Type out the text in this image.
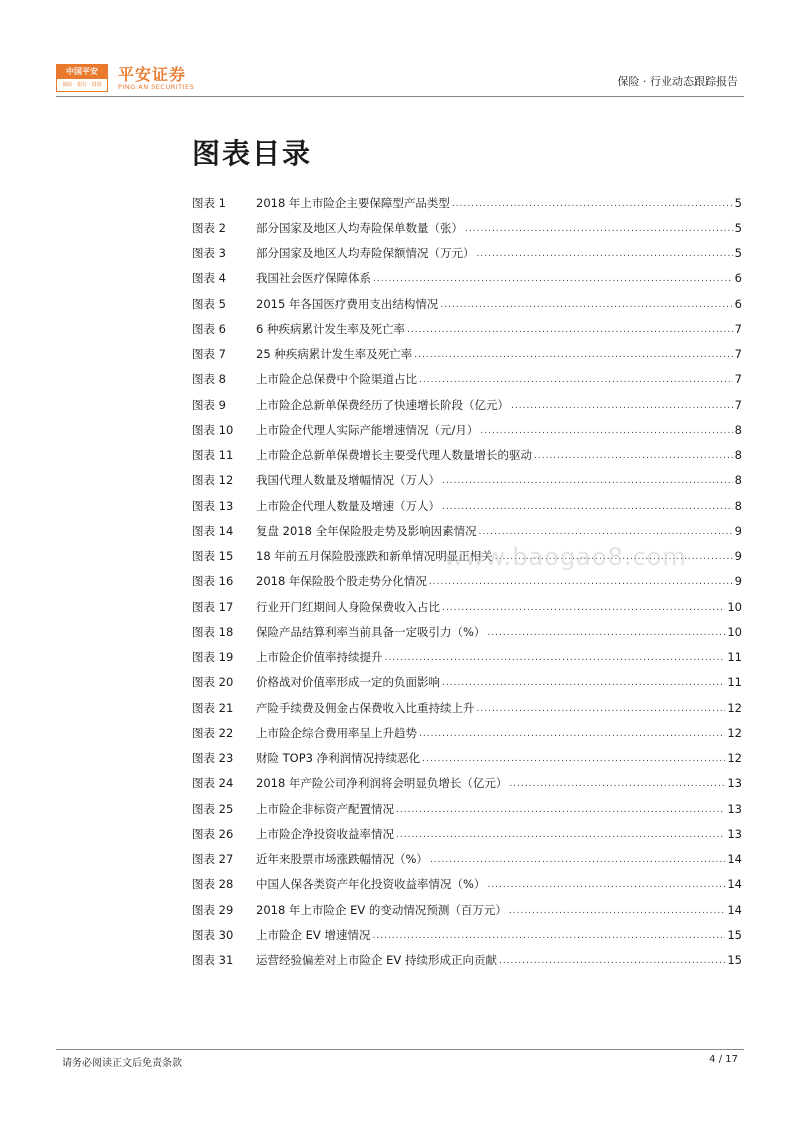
中国平安
保险 · 银行 · 投资
平安证券
PING AN SECURITIES	保险 · 行业动态跟踪报告
图表目录
图表 1	2018 年上市险企主要保障型产品类型 .....	5
图表 2	部分国家及地区人均寿险保单数量（张） .....	5
图表 3	部分国家及地区人均寿险保额情况（万元） .....	5
图表 4	我国社会医疗保障体系 .....	6
图表 5	2015 年各国医疗费用支出结构情况 .....	6
图表 6	6 种疾病累计发生率及死亡率 .....	7
图表 7	25 种疾病累计发生率及死亡率 .....	7
图表 8	上市险企总保费中个险渠道占比 .....	7
图表 9	上市险企总新单保费经历了快速增长阶段（亿元） .....	7
图表 10	上市险企代理人实际产能增速情况（元/月） .....	8
图表 11	上市险企总新单保费增长主要受代理人数量增长的驱动 .....	8
图表 12	我国代理人数量及增幅情况（万人） .....	8
图表 13	上市险企代理人数量及增速（万人） .....	8
图表 14	复盘 2018 全年保险股走势及影响因素情况 .....	9
图表 15	18 年前五月保险股涨跌和新单情况明显正相关 .....	9
图表 16	2018 年保险股个股走势分化情况 .....	9
图表 17	行业开门红期间人身险保费收入占比 .....	10
图表 18	保险产品结算利率当前具备一定吸引力（%） .....	10
图表 19	上市险企价值率持续提升 .....	11
图表 20	价格战对价值率形成一定的负面影响 .....	11
图表 21	产险手续费及佣金占保费收入比重持续上升 .....	12
图表 22	上市险企综合费用率呈上升趋势 .....	12
图表 23	财险 TOP3 净利润情况持续恶化 .....	12
图表 24	2018 年产险公司净利润将会明显负增长（亿元） .....	13
图表 25	上市险企非标资产配置情况 .....	13
图表 26	上市险企净投资收益率情况 .....	13
图表 27	近年来股票市场涨跌幅情况（%） .....	14
图表 28	中国人保各类资产年化投资收益率情况（%） .....	14
图表 29	2018 年上市险企 EV 的变动情况预测（百万元） .....	14
图表 30	上市险企 EV 增速情况 .....	15
图表 31	运营经验偏差对上市险企 EV 持续形成正向贡献 .....	15
www.baogao8.com
请务必阅读正文后免责条款	4 / 17
